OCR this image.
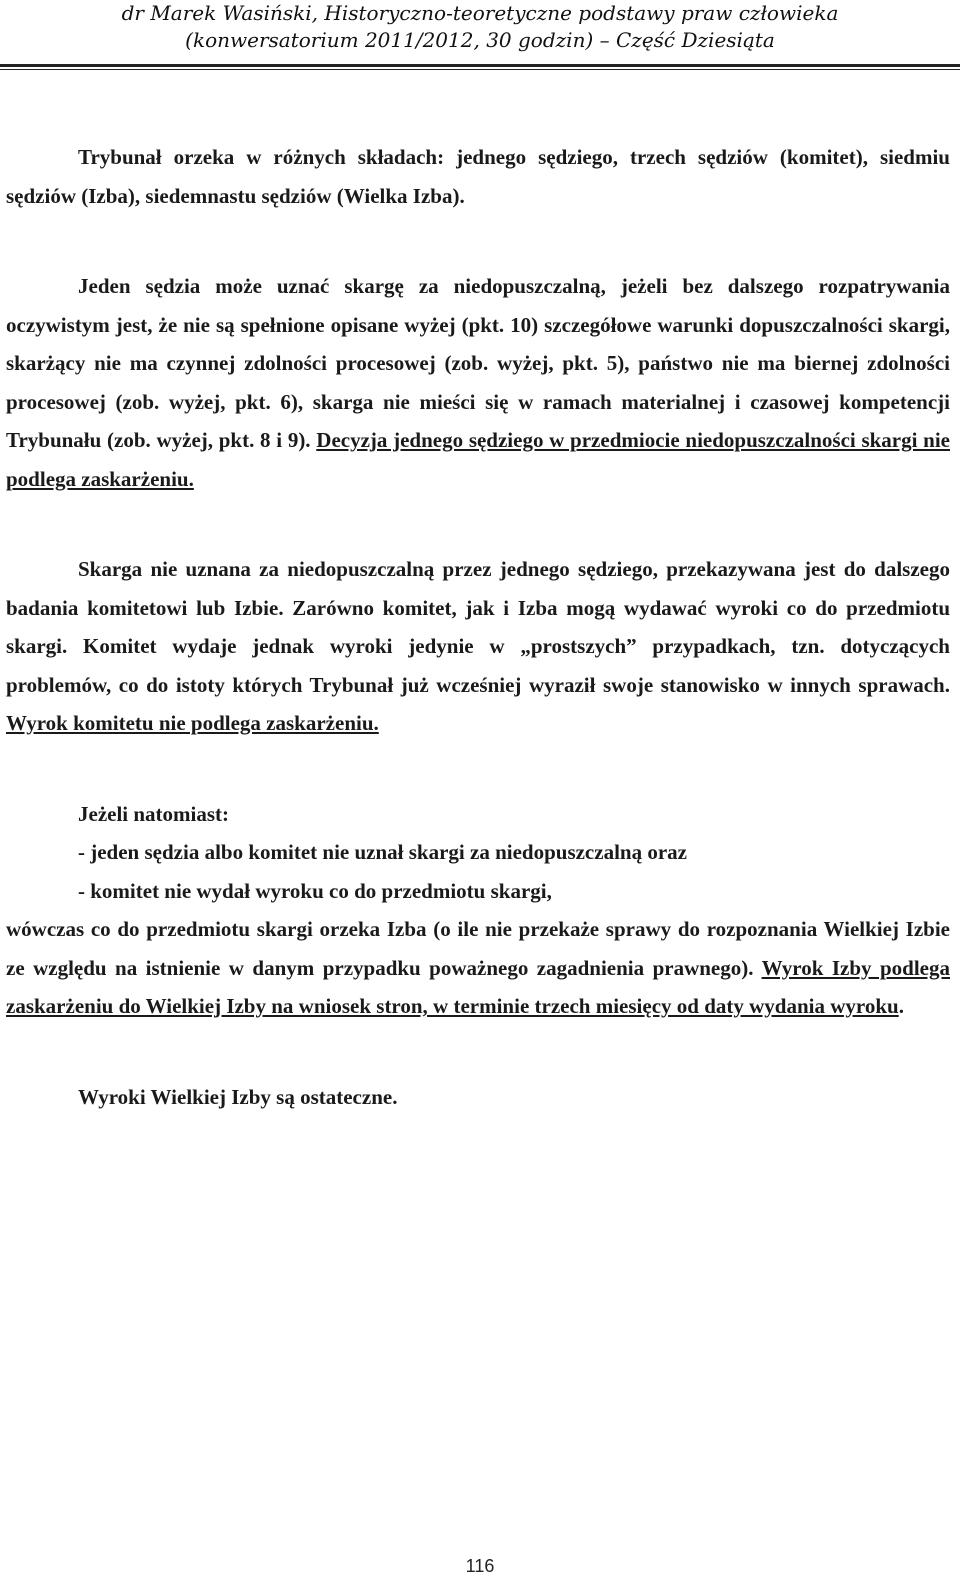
dr Marek Wasiński, Historyczno-teoretyczne podstawy praw człowieka
(konwersatorium 2011/2012, 30 godzin) – Część Dziesiąta

Trybunał orzeka w różnych składach: jednego sędziego, trzech sędziów (komitet), siedmiu sędziów (Izba), siedemnastu sędziów (Wielka Izba).

Jeden sędzia może uznać skargę za niedopuszczalną, jeżeli bez dalszego rozpatrywania oczywistym jest, że nie są spełnione opisane wyżej (pkt. 10) szczegółowe warunki dopuszczalności skargi, skarżący nie ma czynnej zdolności procesowej (zob. wyżej, pkt. 5), państwo nie ma biernej zdolności procesowej (zob. wyżej, pkt. 6), skarga nie mieści się w ramach materialnej i czasowej kompetencji Trybunału (zob. wyżej, pkt. 8 i 9). Decyzja jednego sędziego w przedmiocie niedopuszczalności skargi nie podlega zaskarżeniu.

Skarga nie uznana za niedopuszczalną przez jednego sędziego, przekazywana jest do dalszego badania komitetowi lub Izbie. Zarówno komitet, jak i Izba mogą wydawać wyroki co do przedmiotu skargi. Komitet wydaje jednak wyroki jedynie w „prostszych” przypadkach, tzn. dotyczących problemów, co do istoty których Trybunał już wcześniej wyraził swoje stanowisko w innych sprawach. Wyrok komitetu nie podlega zaskarżeniu.

Jeżeli natomiast:

- jeden sędzia albo komitet nie uznał skargi za niedopuszczalną oraz

- komitet nie wydał wyroku co do przedmiotu skargi,

wówczas co do przedmiotu skargi orzeka Izba (o ile nie przekaże sprawy do rozpoznania Wielkiej Izbie ze względu na istnienie w danym przypadku poważnego zagadnienia prawnego). Wyrok Izby podlega zaskarżeniu do Wielkiej Izby na wniosek stron, w terminie trzech miesięcy od daty wydania wyroku.

Wyroki Wielkiej Izby są ostateczne.

116
